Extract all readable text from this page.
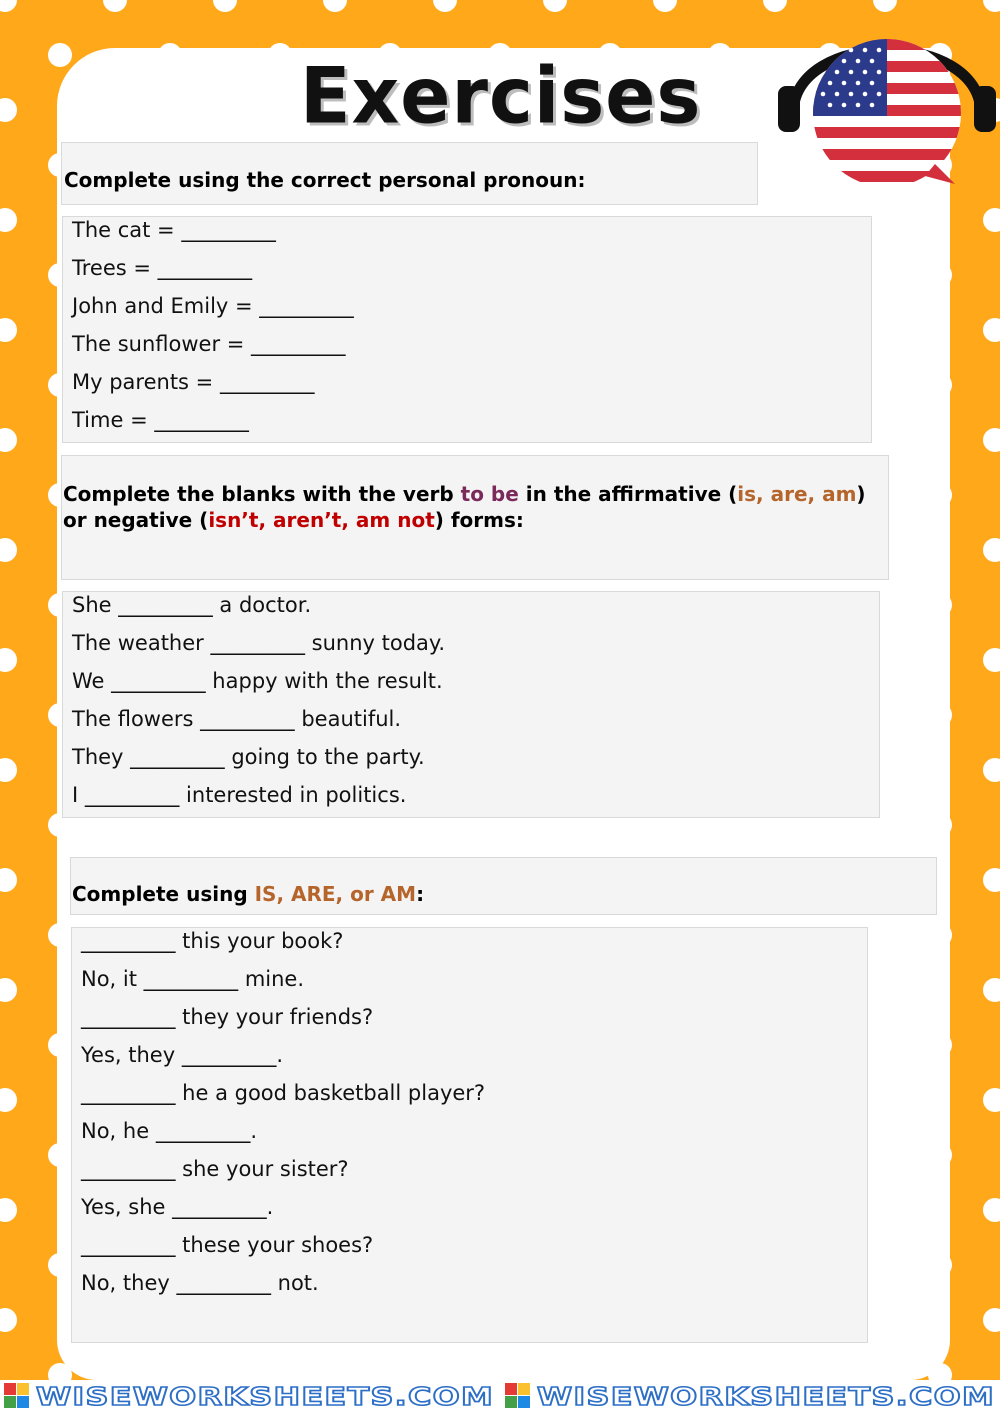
Exercises
Complete using the correct personal pronoun:
The cat = _________
Trees = _________
John and Emily = _________
The sunflower = _________
My parents = _________
Time = _________
Complete the blanks with the verb to be in the affirmative (is, are, am) or negative (isn’t, aren’t, am not) forms:
She _________ a doctor.
The weather _________ sunny today.
We _________ happy with the result.
The flowers _________ beautiful.
They _________ going to the party.
I _________ interested in politics.
Complete using IS, ARE, or AM:
_________ this your book?
No, it _________ mine.
_________ they your friends?
Yes, they _________.
_________ he a good basketball player?
No, he _________.
_________ she your sister?
Yes, she _________.
_________ these your shoes?
No, they _________ not.
WISEWORKSHEETS.COM WISEWORKSHEETS.COM
